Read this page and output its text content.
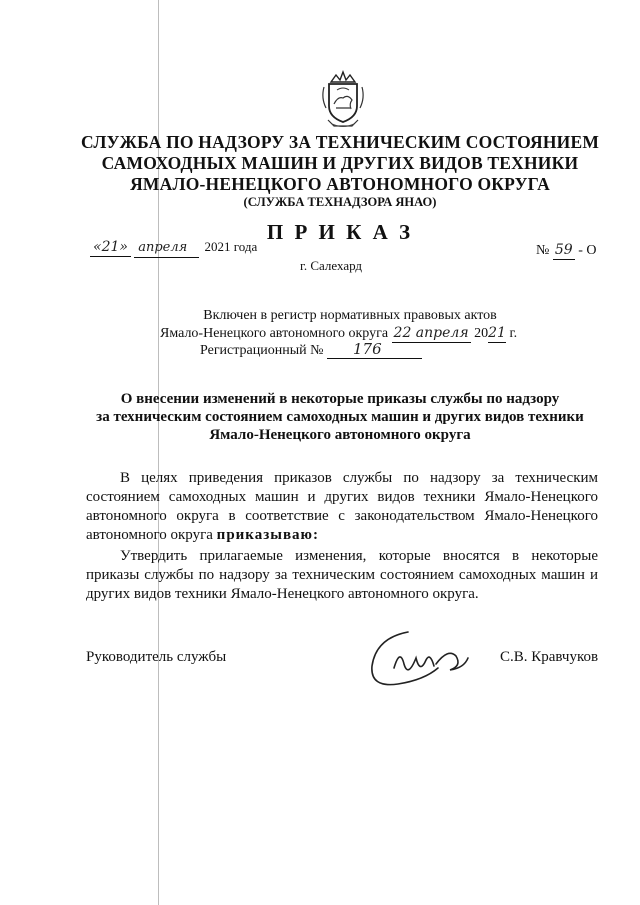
СЛУЖБА ПО НАДЗОРУ ЗА ТЕХНИЧЕСКИМ СОСТОЯНИЕМ
САМОХОДНЫХ МАШИН И ДРУГИХ ВИДОВ ТЕХНИКИ
ЯМАЛО-НЕНЕЦКОГО АВТОНОМНОГО ОКРУГА
(СЛУЖБА ТЕХНАДЗОРА ЯНАО)
П Р И К А З
«21» апреля 2021 года	№ 59 - О
г. Салехард
Включен в регистр нормативных правовых актов
Ямало-Ненецкого автономного округа 22 апреля 2021 г.
Регистрационный № 176
О внесении изменений в некоторые приказы службы по надзору
за техническим состоянием самоходных машин и других видов техники
Ямало-Ненецкого автономного округа
В целях приведения приказов службы по надзору за техническим состоянием самоходных машин и других видов техники Ямало-Ненецкого автономного округа в соответствие с законодательством Ямало-Ненецкого автономного округа приказываю:
Утвердить прилагаемые изменения, которые вносятся в некоторые приказы службы по надзору за техническим состоянием самоходных машин и других видов техники Ямало-Ненецкого автономного округа.
Руководитель службы	С.В. Кравчуков
